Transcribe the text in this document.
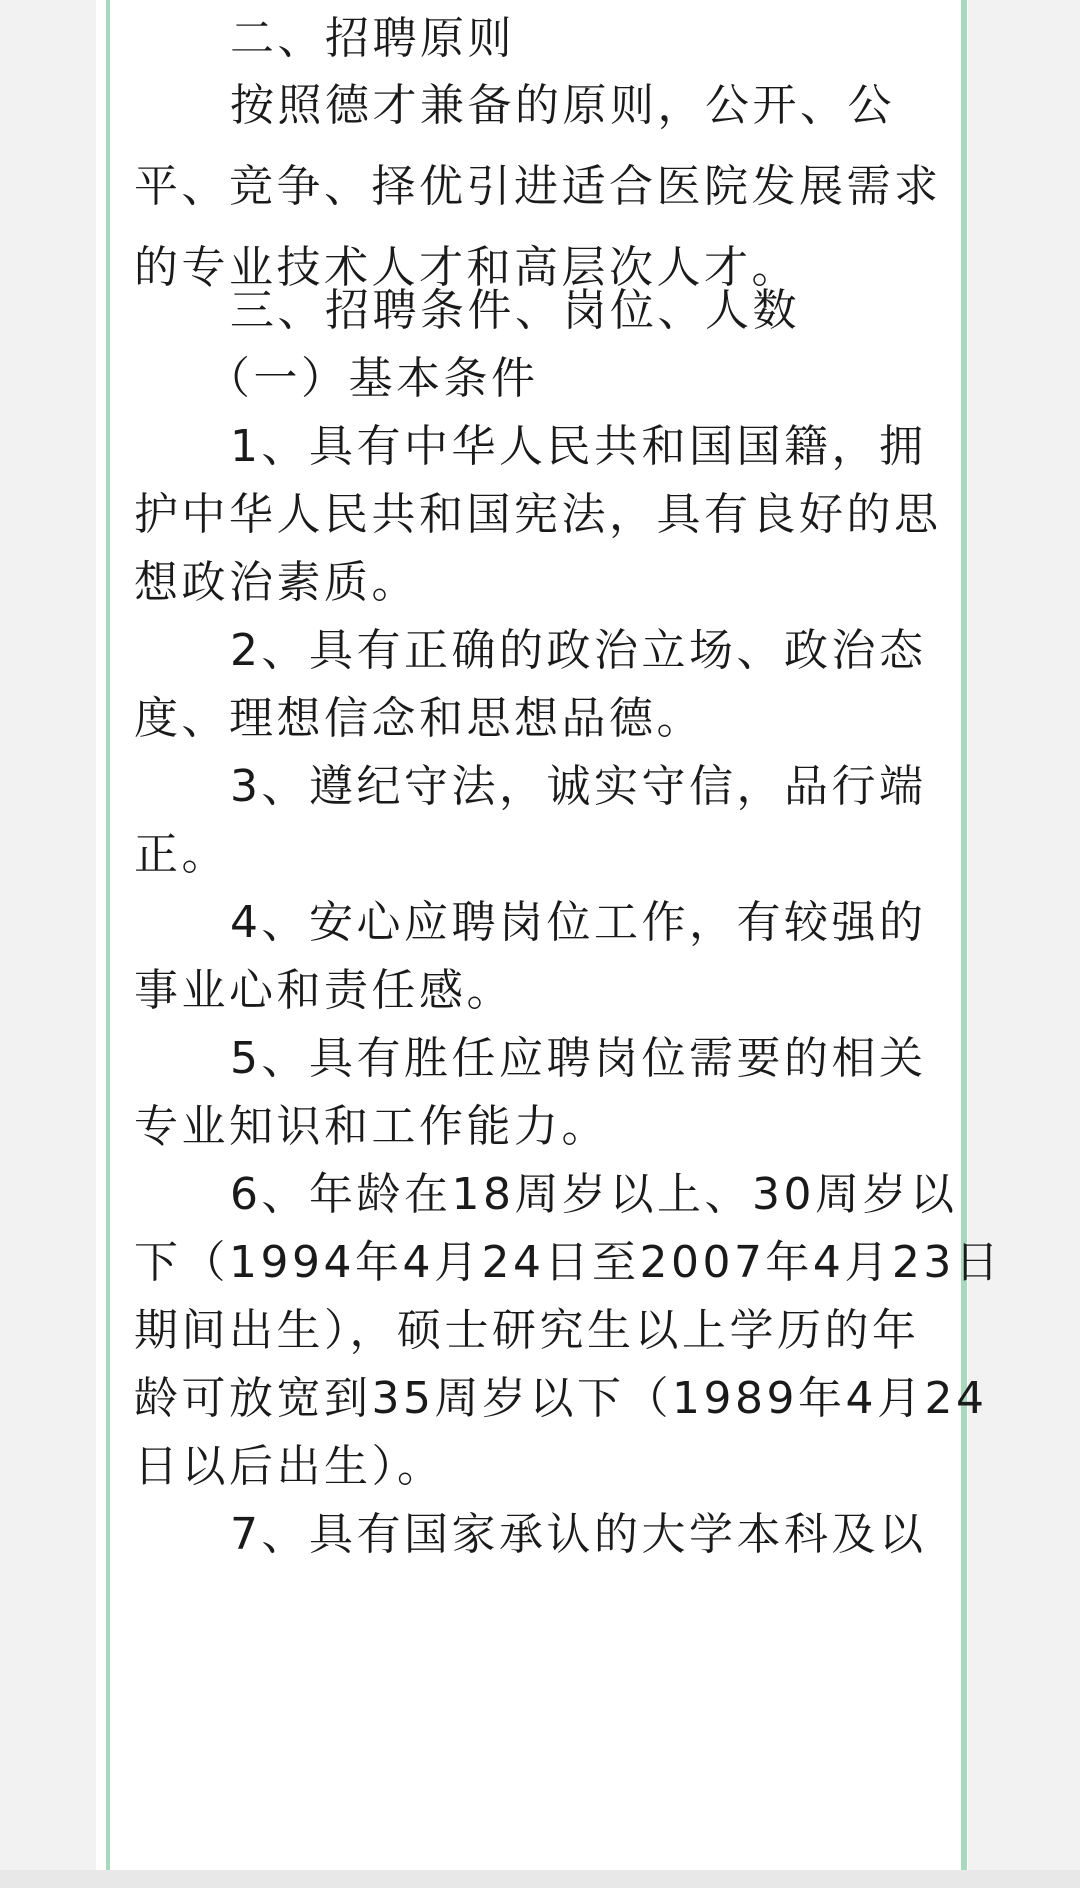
二、招聘原则
按照德才兼备的原则，公开、公
平、竞争、择优引进适合医院发展需求
的专业技术人才和高层次人才。
三、招聘条件、岗位、人数
（一）基本条件
1、具有中华人民共和国国籍，拥
护中华人民共和国宪法，具有良好的思
想政治素质。
2、具有正确的政治立场、政治态
度、理想信念和思想品德。
3、遵纪守法，诚实守信，品行端
正。
4、安心应聘岗位工作，有较强的
事业心和责任感。
5、具有胜任应聘岗位需要的相关
专业知识和工作能力。
6、年龄在18周岁以上、30周岁以
下（1994年4月24日至2007年4月23日
期间出生），硕士研究生以上学历的年
龄可放宽到35周岁以下（1989年4月24
日以后出生）。
7、具有国家承认的大学本科及以
